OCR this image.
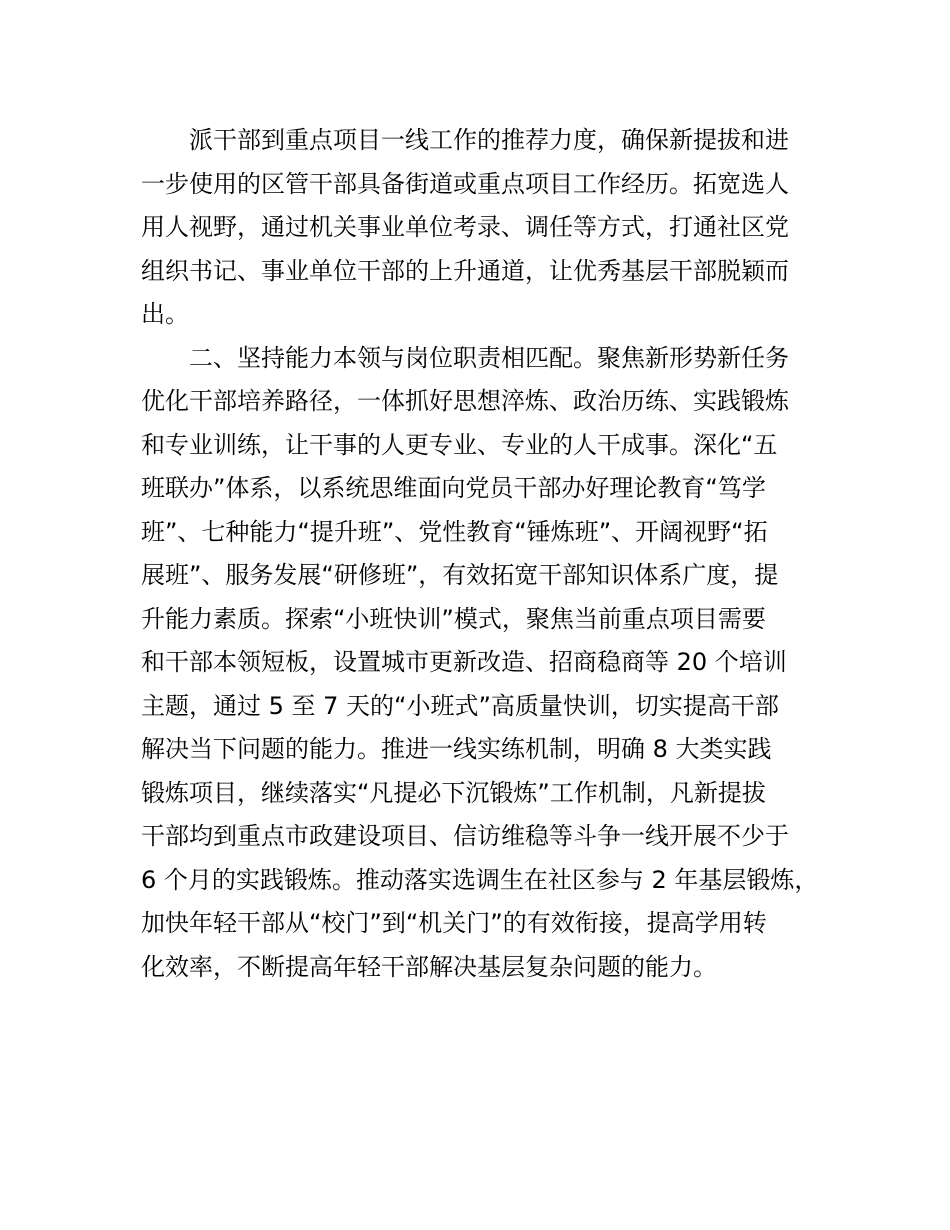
派干部到重点项目一线工作的推荐力度，确保新提拔和进
一步使用的区管干部具备街道或重点项目工作经历。拓宽选人
用人视野，通过机关事业单位考录、调任等方式，打通社区党
组织书记、事业单位干部的上升通道，让优秀基层干部脱颖而
出。
二、坚持能力本领与岗位职责相匹配。聚焦新形势新任务
优化干部培养路径，一体抓好思想淬炼、政治历练、实践锻炼
和专业训练，让干事的人更专业、专业的人干成事。深化“五
班联办”体系，以系统思维面向党员干部办好理论教育“笃学
班”、七种能力“提升班”、党性教育“锤炼班”、开阔视野“拓
展班”、服务发展“研修班”，有效拓宽干部知识体系广度，提
升能力素质。探索“小班快训”模式，聚焦当前重点项目需要
和干部本领短板，设置城市更新改造、招商稳商等 20 个培训
主题，通过 5 至 7 天的“小班式”高质量快训，切实提高干部
解决当下问题的能力。推进一线实练机制，明确 8 大类实践
锻炼项目，继续落实“凡提必下沉锻炼”工作机制，凡新提拔
干部均到重点市政建设项目、信访维稳等斗争一线开展不少于
6 个月的实践锻炼。推动落实选调生在社区参与 2 年基层锻炼，
加快年轻干部从“校门”到“机关门”的有效衔接，提高学用转
化效率，不断提高年轻干部解决基层复杂问题的能力。
